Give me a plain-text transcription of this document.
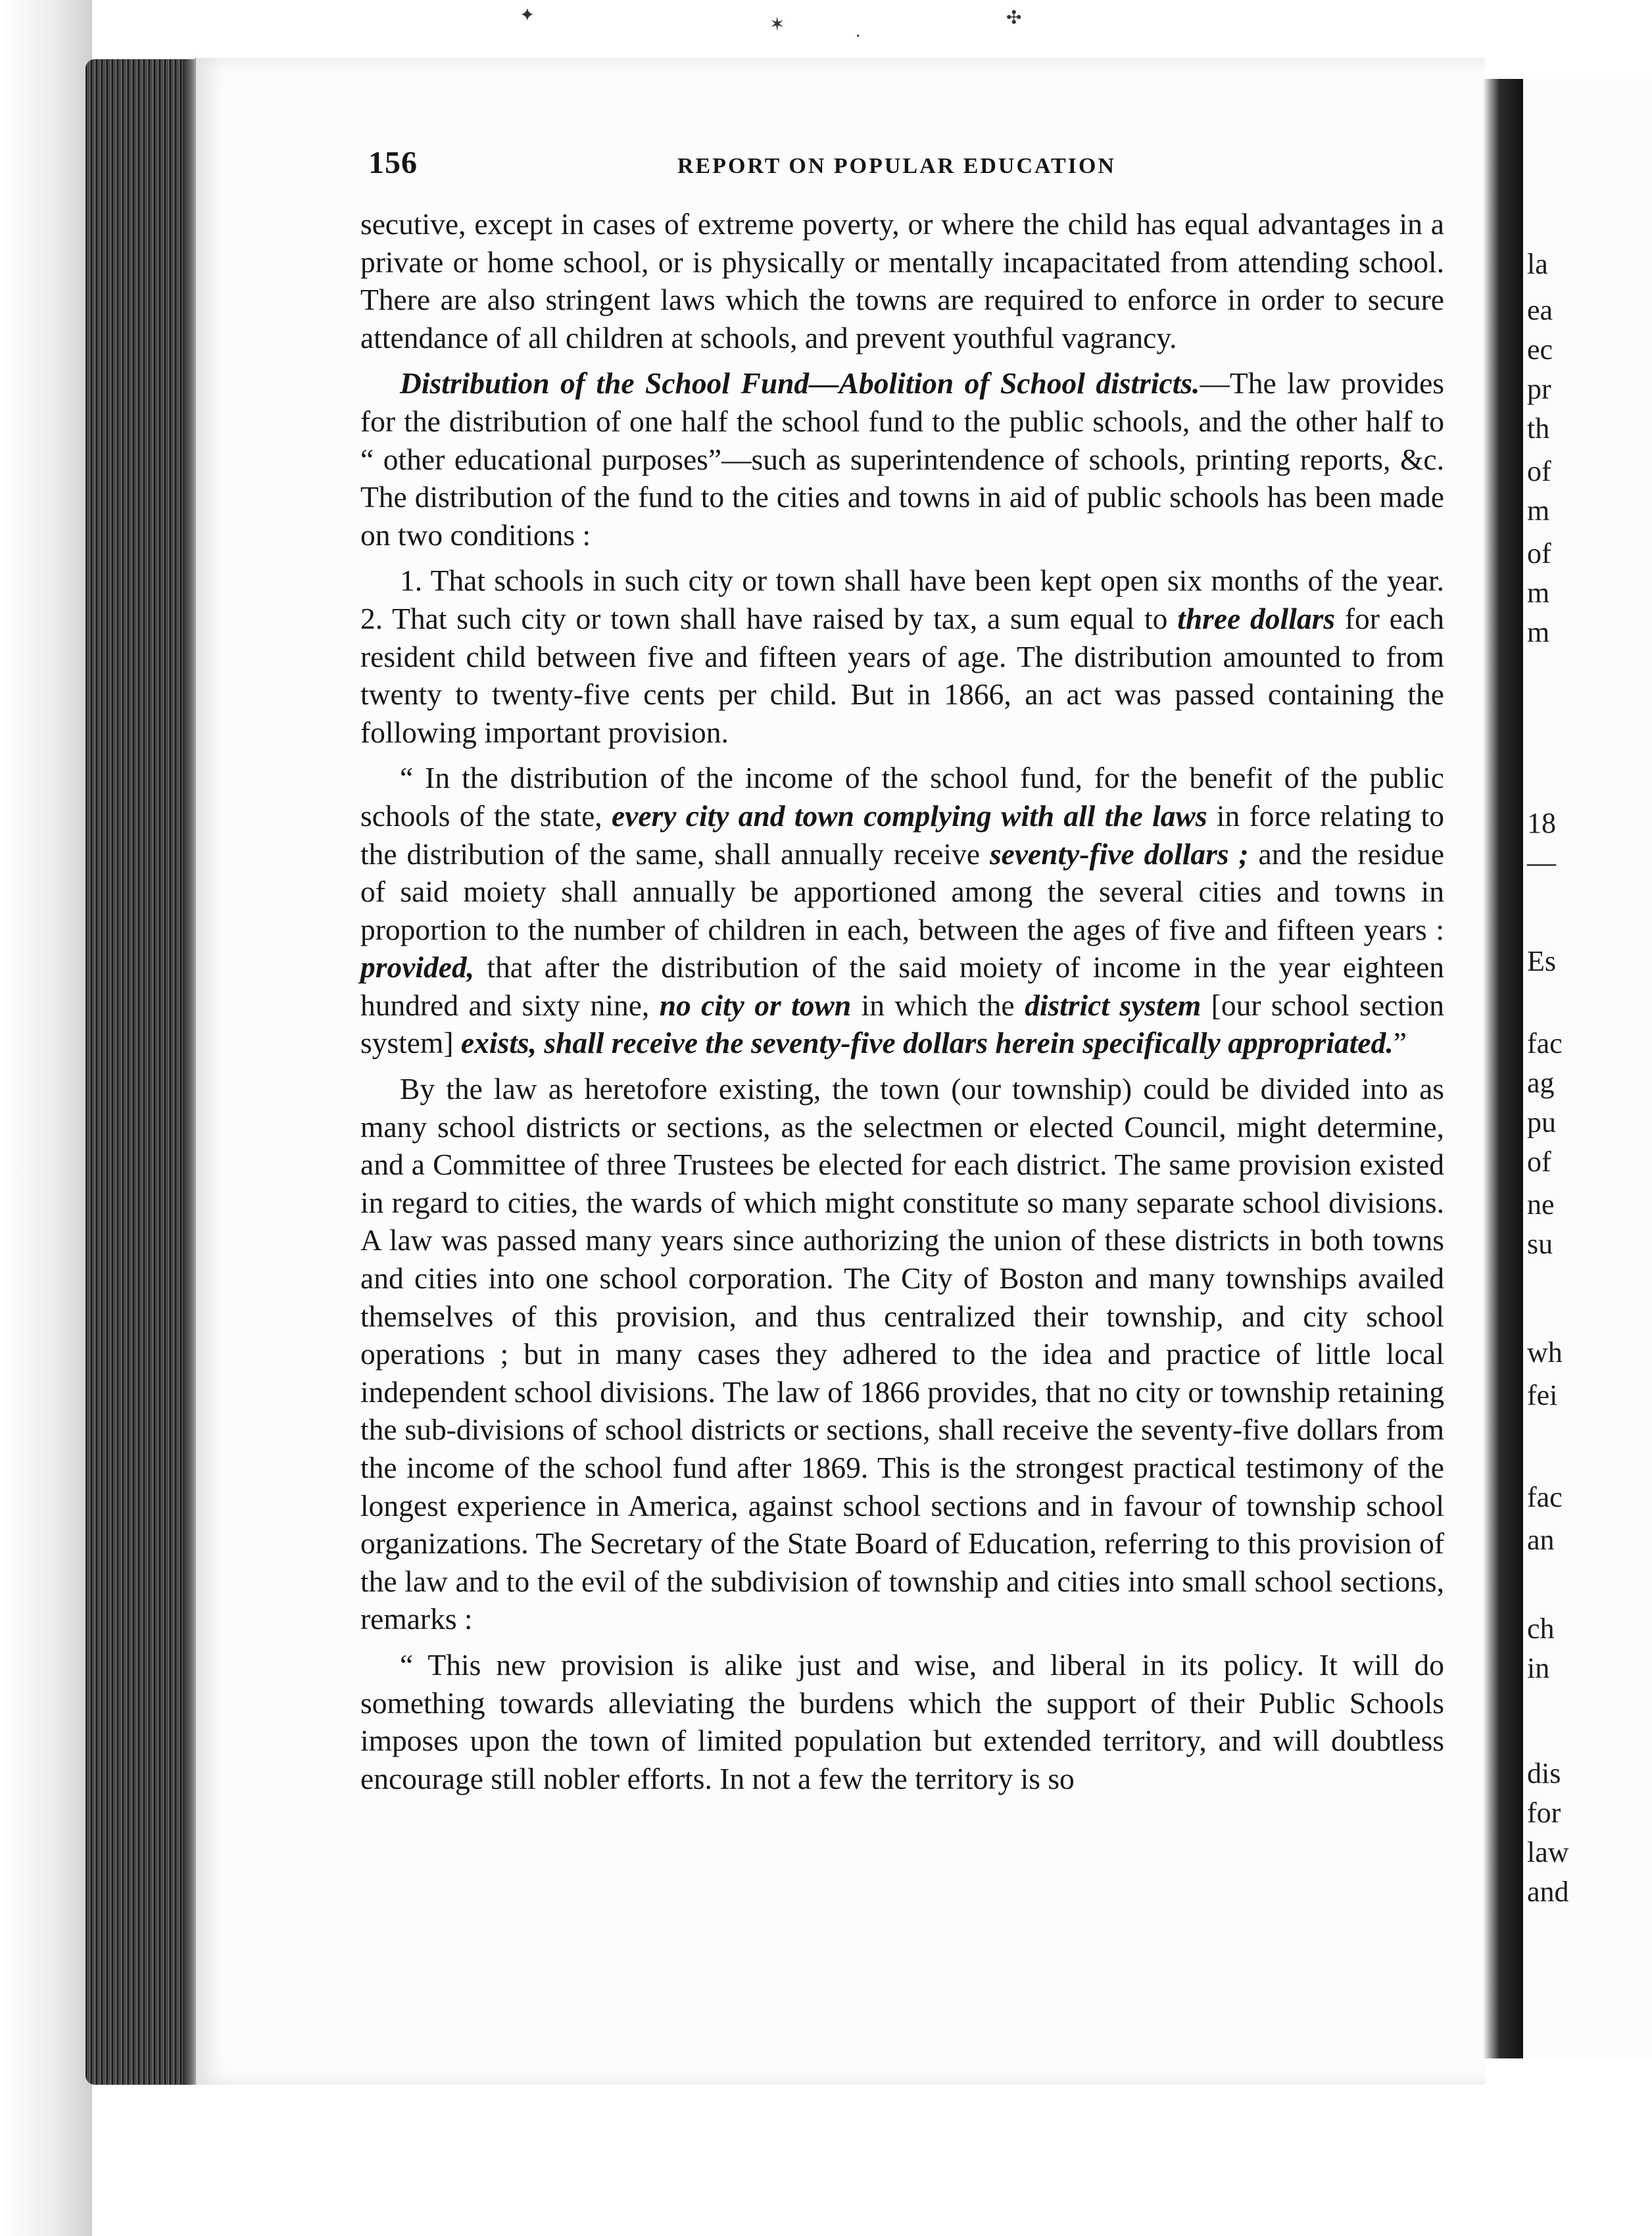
✦	✶
·
✣
156	REPORT ON POPULAR EDUCATION

secutive, except in cases of extreme poverty, or where the child has equal advantages in a private or home school, or is physically or mentally incapacitated from attending school. There are also stringent laws which the towns are required to enforce in order to secure attendance of all children at schools, and prevent youthful vagrancy.

Distribution of the School Fund—Abolition of School districts.—The law provides for the distribution of one half the school fund to the public schools, and the other half to “ other educational purposes”—such as superintendence of schools, printing reports, &c. The distribution of the fund to the cities and towns in aid of public schools has been made on two conditions :

1. That schools in such city or town shall have been kept open six months of the year. 2. That such city or town shall have raised by tax, a sum equal to three dollars for each resident child between five and fifteen years of age. The distribution amounted to from twenty to twenty-five cents per child. But in 1866, an act was passed containing the following important provision.

“ In the distribution of the income of the school fund, for the benefit of the public schools of the state, every city and town complying with all the laws in force relating to the distribution of the same, shall annually receive seventy-five dollars ; and the residue of said moiety shall annually be apportioned among the several cities and towns in proportion to the number of children in each, between the ages of five and fifteen years : provided, that after the distribution of the said moiety of income in the year eighteen hundred and sixty nine, no city or town in which the district system [our school section system] exists, shall receive the seventy-five dollars herein specifically appropriated.”

By the law as heretofore existing, the town (our township) could be divided into as many school districts or sections, as the selectmen or elected Council, might determine, and a Committee of three Trustees be elected for each district. The same provision existed in regard to cities, the wards of which might constitute so many separate school divisions. A law was passed many years since authorizing the union of these districts in both towns and cities into one school corporation. The City of Boston and many townships availed themselves of this provision, and thus centralized their township, and city school operations ; but in many cases they adhered to the idea and practice of little local independent school divisions. The law of 1866 provides, that no city or township retaining the sub-divisions of school districts or sections, shall receive the seventy-five dollars from the income of the school fund after 1869. This is the strongest practical testimony of the longest experience in America, against school sections and in favour of township school organizations. The Secretary of the State Board of Education, referring to this provision of the law and to the evil of the subdivision of township and cities into small school sections, remarks :

“ This new provision is alike just and wise, and liberal in its policy. It will do something towards alleviating the burdens which the support of their Public Schools imposes upon the town of limited population but extended territory, and will doubtless encourage still nobler efforts. In not a few the territory is so

la
ea
ec
pr
th
of
m
of
m
m
18
—
Es
fac
ag
pu
of
ne
su
wh
fei
fac
an
ch
in
dis
for
law
and
